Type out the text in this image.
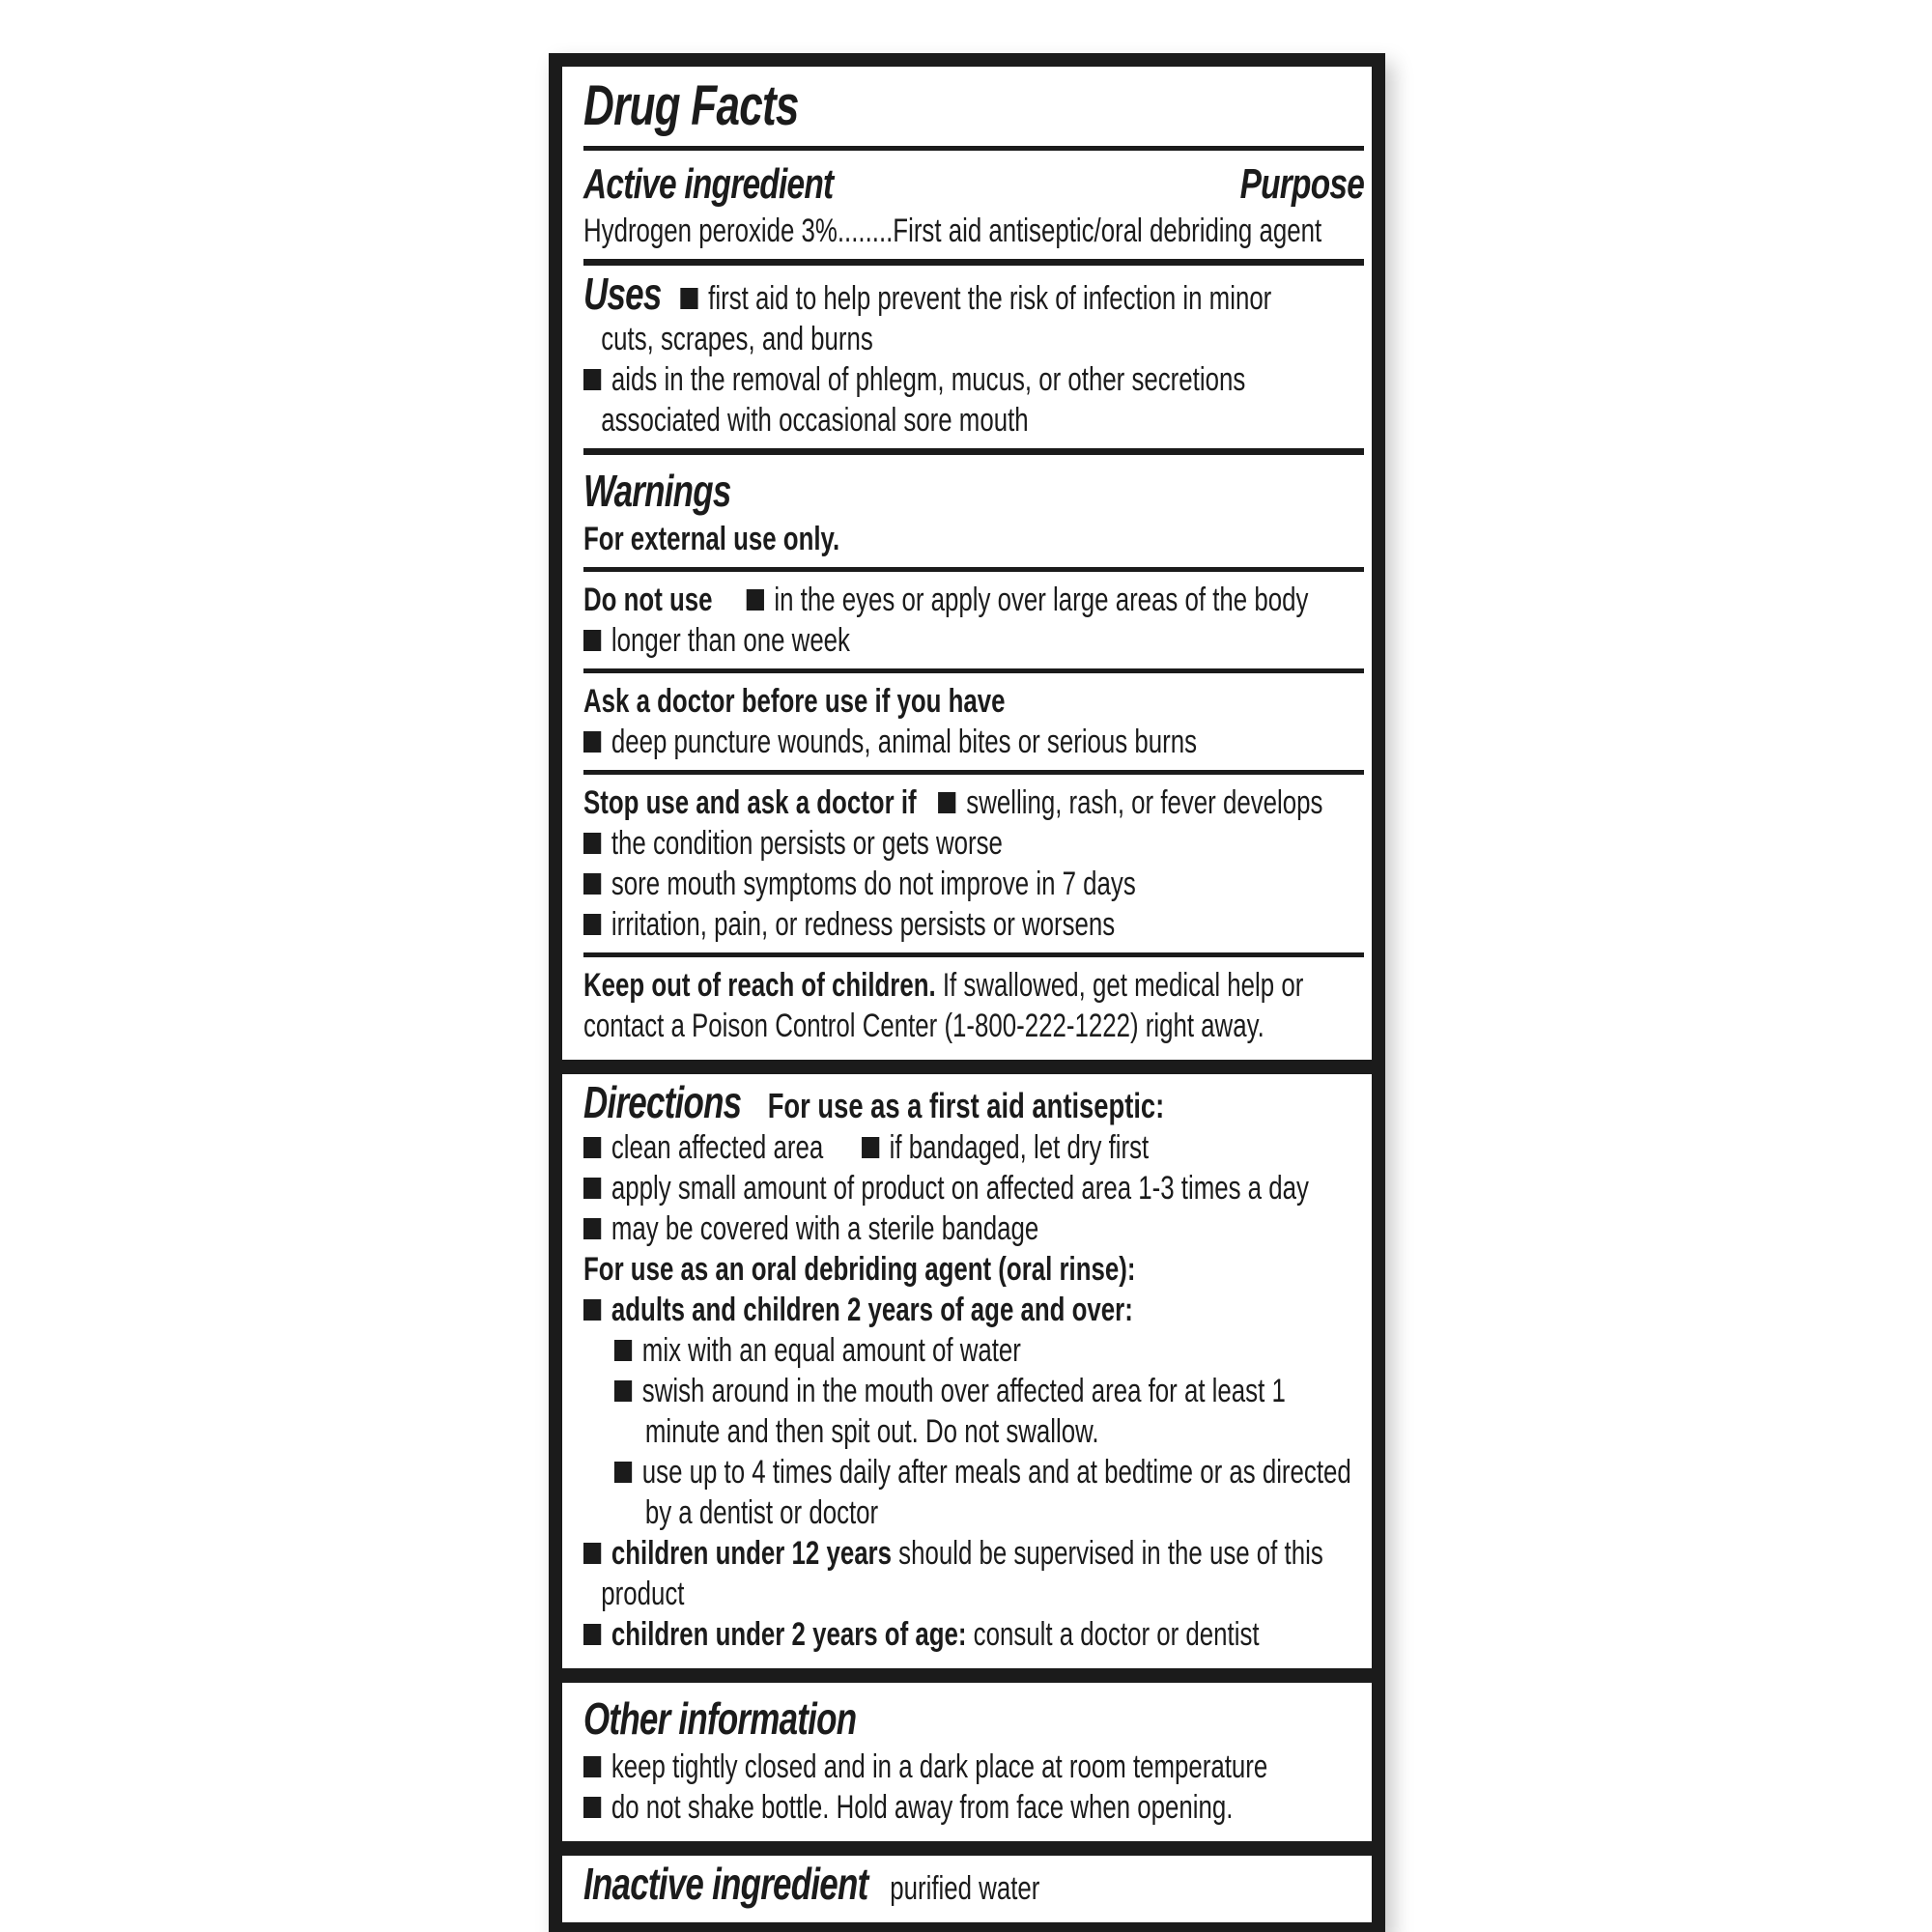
Drug Facts
Active ingredient	Purpose
Hydrogen peroxide 3%........First aid antiseptic/oral debriding agent
Uses first aid to help prevent the risk of infection in minor
cuts, scrapes, and burns
aids in the removal of phlegm, mucus, or other secretions
associated with occasional sore mouth
Warnings
For external use only.
Do not use in the eyes or apply over large areas of the body
longer than one week
Ask a doctor before use if you have
deep puncture wounds, animal bites or serious burns
Stop use and ask a doctor if swelling, rash, or fever develops
the condition persists or gets worse
sore mouth symptoms do not improve in 7 days
irritation, pain, or redness persists or worsens
Keep out of reach of children. If swallowed, get medical help or
contact a Poison Control Center (1-800-222-1222) right away.
Directions For use as a first aid antiseptic:
clean affected area if bandaged, let dry first
apply small amount of product on affected area 1-3 times a day
may be covered with a sterile bandage
For use as an oral debriding agent (oral rinse):
adults and children 2 years of age and over:
mix with an equal amount of water
swish around in the mouth over affected area for at least 1
minute and then spit out. Do not swallow.
use up to 4 times daily after meals and at bedtime or as directed
by a dentist or doctor
children under 12 years should be supervised in the use of this
product
children under 2 years of age: consult a doctor or dentist
Other information
keep tightly closed and in a dark place at room temperature
do not shake bottle. Hold away from face when opening.
Inactive ingredient purified water
